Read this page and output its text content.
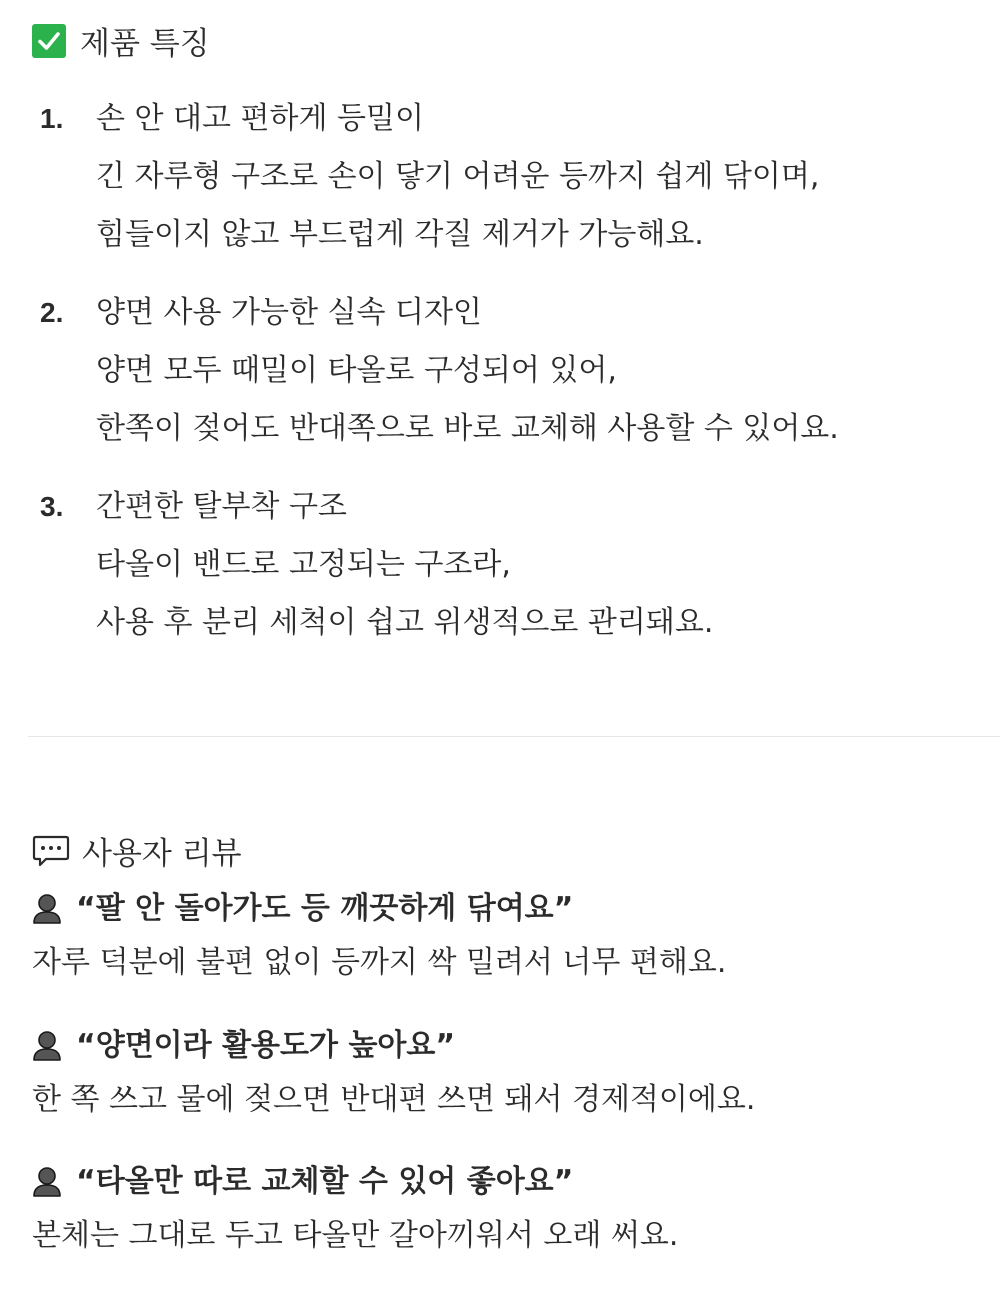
제품 특징
1.	손 안 대고 편하게 등밀이
긴 자루형 구조로 손이 닿기 어려운 등까지 쉽게 닦이며,
힘들이지 않고 부드럽게 각질 제거가 가능해요.
2.	양면 사용 가능한 실속 디자인
양면 모두 때밀이 타올로 구성되어 있어,
한쪽이 젖어도 반대쪽으로 바로 교체해 사용할 수 있어요.
3.	간편한 탈부착 구조
타올이 밴드로 고정되는 구조라,
사용 후 분리 세척이 쉽고 위생적으로 관리돼요.
사용자 리뷰
“팔 안 돌아가도 등 깨끗하게 닦여요”
자루 덕분에 불편 없이 등까지 싹 밀려서 너무 편해요.
“양면이라 활용도가 높아요”
한 쪽 쓰고 물에 젖으면 반대편 쓰면 돼서 경제적이에요.
“타올만 따로 교체할 수 있어 좋아요”
본체는 그대로 두고 타올만 갈아끼워서 오래 써요.
